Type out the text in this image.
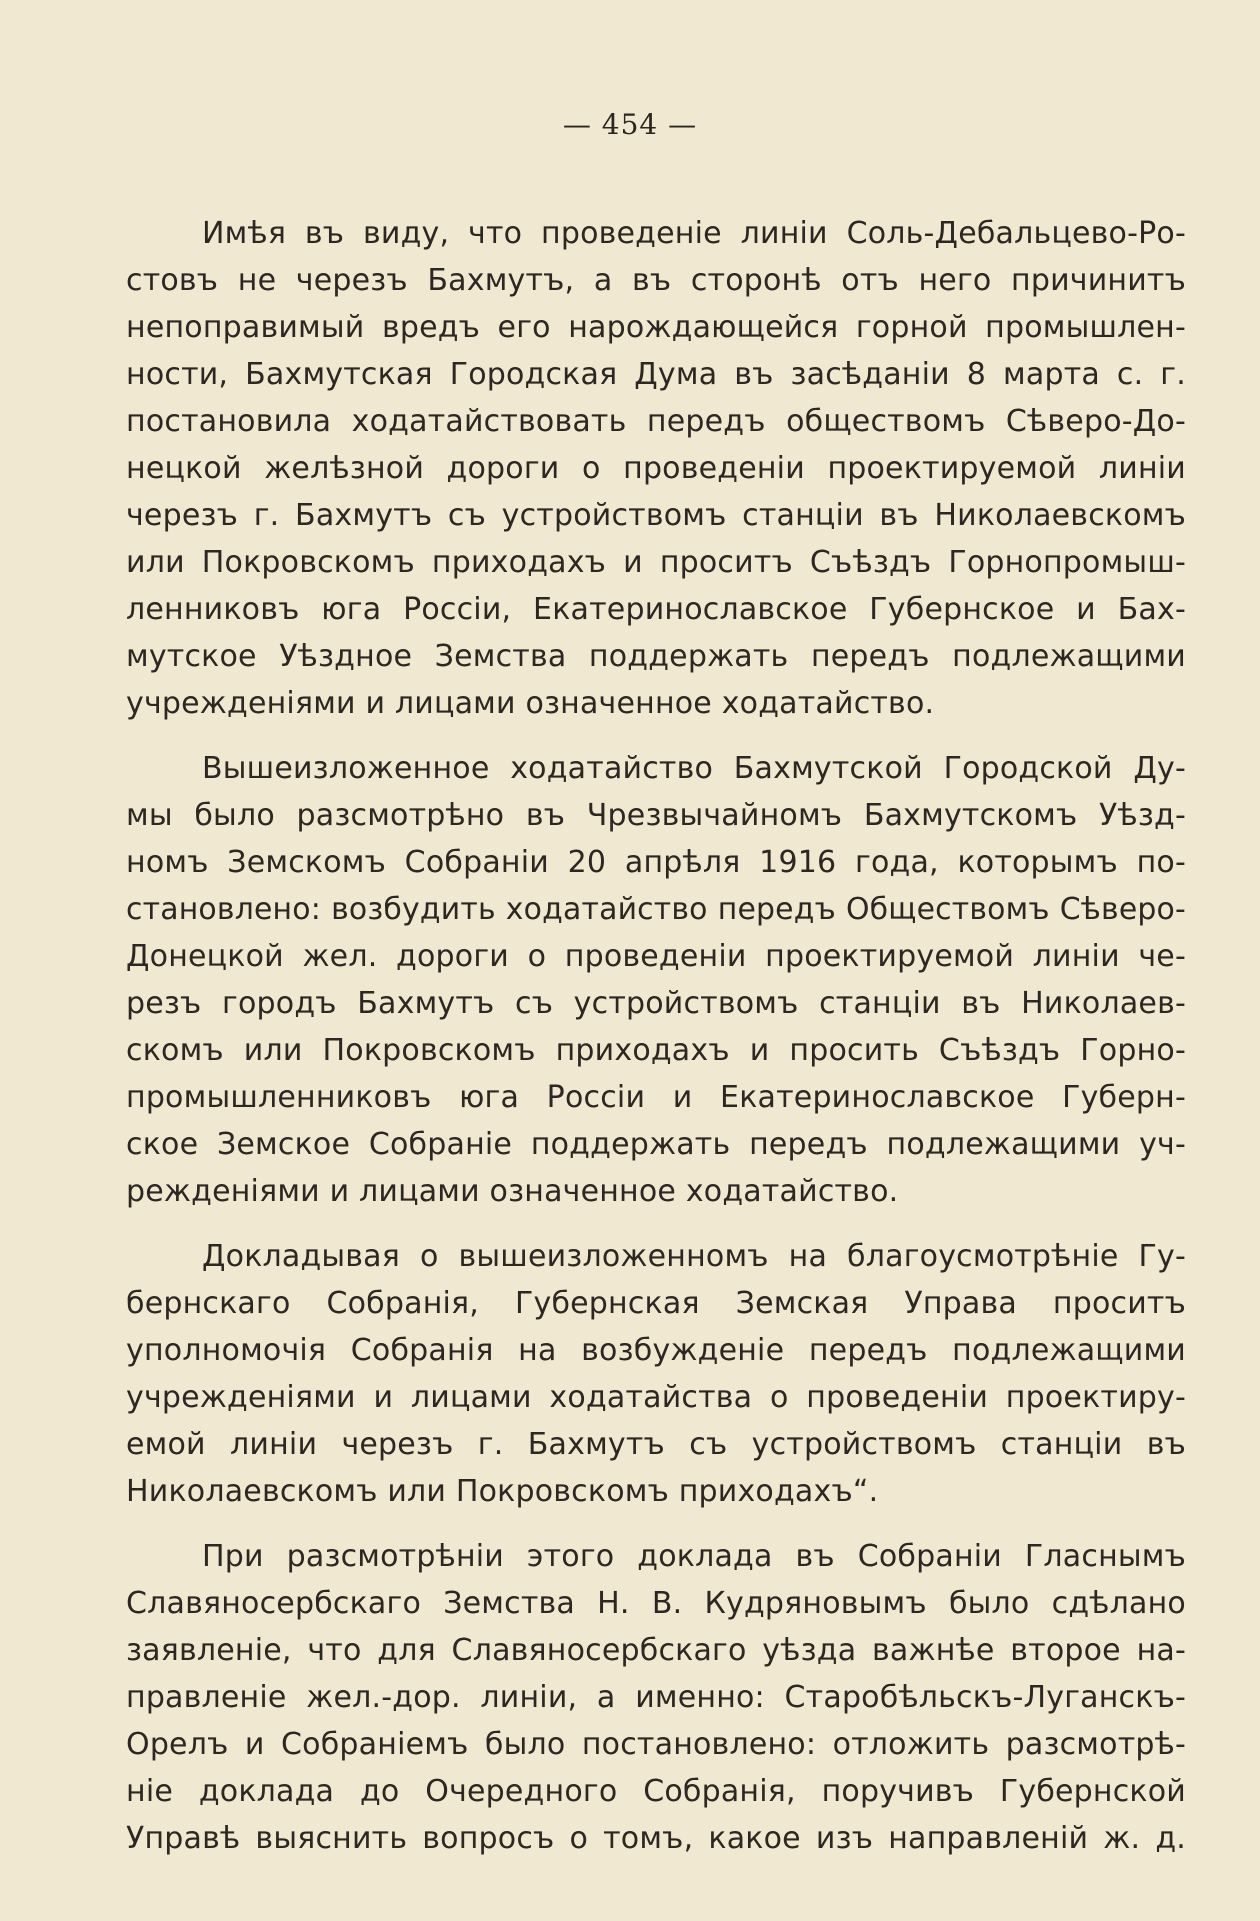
— 454 —
Имѣя въ виду, что проведеніе линіи Соль-Дебальцево-Ро-
стовъ не черезъ Бахмутъ, а въ сторонѣ отъ него причинитъ
непоправимый вредъ его нарождающейся горной промышлен-
ности, Бахмутская Городская Дума въ засѣданіи 8 марта с. г.
постановила ходатайствовать передъ обществомъ Сѣверо-До-
нецкой желѣзной дороги о проведеніи проектируемой линіи
черезъ г. Бахмутъ съ устройствомъ станціи въ Николаевскомъ
или Покровскомъ приходахъ и проситъ Съѣздъ Горнопромыш-
ленниковъ юга Россіи, Екатеринославское Губернское и Бах-
мутское Уѣздное Земства поддержать передъ подлежащими
учрежденіями и лицами означенное ходатайство.
Вышеизложенное ходатайство Бахмутской Городской Ду-
мы было разсмотрѣно въ Чрезвычайномъ Бахмутскомъ Уѣзд-
номъ Земскомъ Собраніи 20 апрѣля 1916 года, которымъ по-
становлено: возбудить ходатайство передъ Обществомъ Сѣверо-
Донецкой жел. дороги о проведеніи проектируемой линіи че-
резъ городъ Бахмутъ съ устройствомъ станціи въ Николаев-
скомъ или Покровскомъ приходахъ и просить Съѣздъ Горно-
промышленниковъ юга Россіи и Екатеринославское Губерн-
ское Земское Собраніе поддержать передъ подлежащими уч-
режденіями и лицами означенное ходатайство.
Докладывая о вышеизложенномъ на благоусмотрѣніе Гу-
бернскаго Собранія, Губернская Земская Управа проситъ
уполномочія Собранія на возбужденіе передъ подлежащими
учрежденіями и лицами ходатайства о проведеніи проектиру-
емой линіи черезъ г. Бахмутъ съ устройствомъ станціи въ
Николаевскомъ или Покровскомъ приходахъ“.
При разсмотрѣніи этого доклада въ Собраніи Гласнымъ
Славяносербскаго Земства Н. В. Кудряновымъ было сдѣлано
заявленіе, что для Славяносербскаго уѣзда важнѣе второе на-
правленіе жел.-дор. линіи, а именно: Старобѣльскъ-Луганскъ-
Орелъ и Собраніемъ было постановлено: отложить разсмотрѣ-
ніе доклада до Очередного Собранія, поручивъ Губернской
Управѣ выяснить вопросъ о томъ, какое изъ направленій ж. д.
